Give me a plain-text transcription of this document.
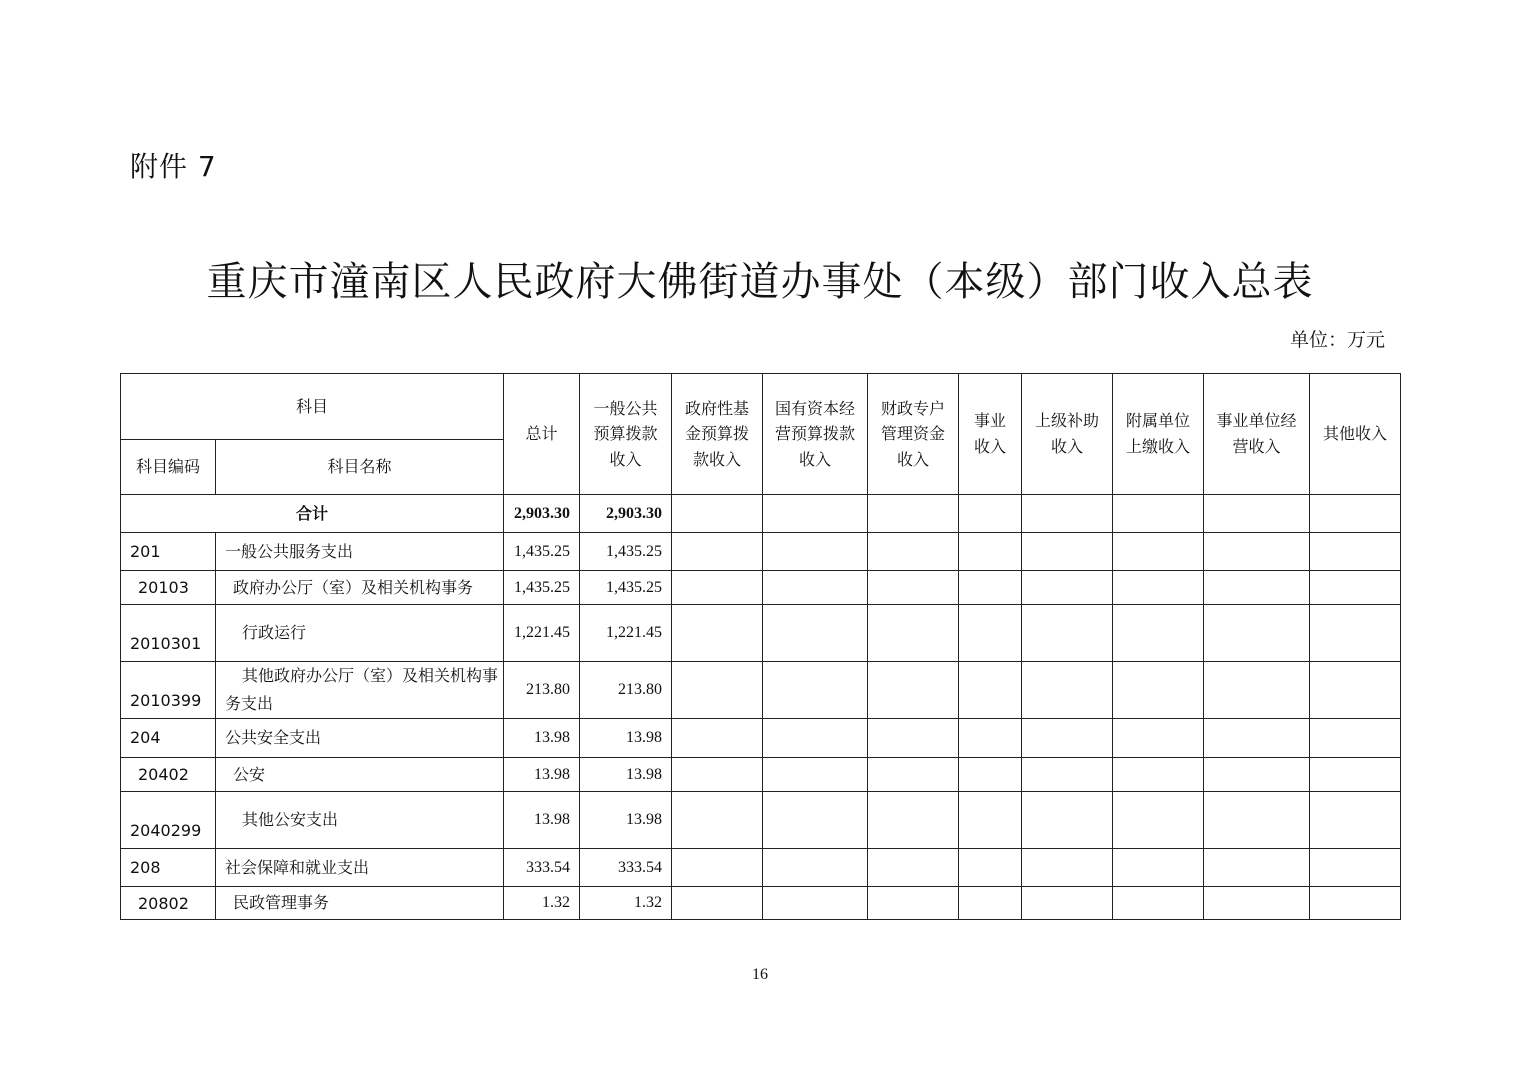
附件 7
重庆市潼南区人民政府大佛街道办事处（本级）部门收入总表
单位：万元
科目		总计	一般公共预算拨款收入	政府性基金预算拨款收入	国有资本经营预算拨款收入	财政专户管理资金收入	事业收入	上级补助收入	附属单位上缴收入	事业单位经营收入	其他收入
科目编码	科目名称										
合计		2,903.30	2,903.30								
201	一般公共服务支出	1,435.25	1,435.25								
20103	政府办公厅（室）及相关机构事务	1,435.25	1,435.25								
2010301	行政运行	1,221.45	1,221.45								
2010399	其他政府办公厅（室）及相关机构事务支出	213.80	213.80								
204	公共安全支出	13.98	13.98								
20402	公安	13.98	13.98								
2040299	其他公安支出	13.98	13.98								
208	社会保障和就业支出	333.54	333.54								
20802	民政管理事务	1.32	1.32								
16
